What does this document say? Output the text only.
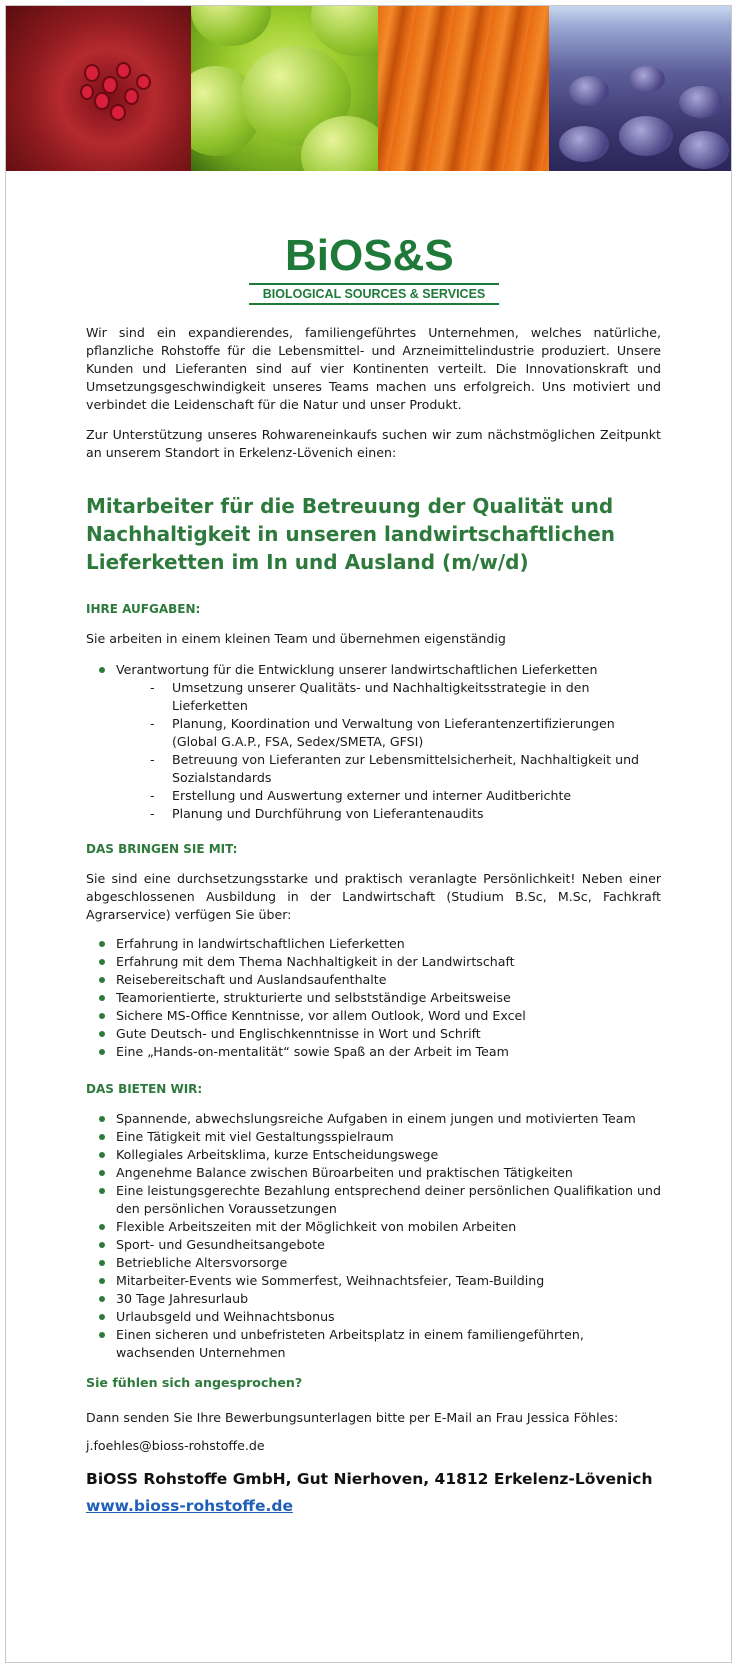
BiOS&S
BIOLOGICAL SOURCES & SERVICES
Wir sind ein expandierendes, familiengeführtes Unternehmen, welches natürliche, pflanzliche Rohstoffe für die Lebensmittel- und Arzneimittelindustrie produziert. Unsere Kunden und Lieferanten sind auf vier Kontinenten verteilt. Die Innovationskraft und Umsetzungsgeschwindigkeit unseres Teams machen uns erfolgreich. Uns motiviert und verbindet die Leidenschaft für die Natur und unser Produkt.
Zur Unterstützung unseres Rohwareneinkaufs suchen wir zum nächstmöglichen Zeitpunkt an unserem Standort in Erkelenz-Lövenich einen:
Mitarbeiter für die Betreuung der Qualität und Nachhaltigkeit in unseren landwirtschaftlichen Lieferketten im In und Ausland (m/w/d)
IHRE AUFGABEN:
Sie arbeiten in einem kleinen Team und übernehmen eigenständig
Verantwortung für die Entwicklung unserer landwirtschaftlichen Lieferketten
- Umsetzung unserer Qualitäts- und Nachhaltigkeitsstrategie in den Lieferketten
- Planung, Koordination und Verwaltung von Lieferantenzertifizierungen (Global G.A.P., FSA, Sedex/SMETA, GFSI)
- Betreuung von Lieferanten zur Lebensmittelsicherheit, Nachhaltigkeit und Sozialstandards
- Erstellung und Auswertung externer und interner Auditberichte
- Planung und Durchführung von Lieferantenaudits
DAS BRINGEN SIE MIT:
Sie sind eine durchsetzungsstarke und praktisch veranlagte Persönlichkeit! Neben einer abgeschlossenen Ausbildung in der Landwirtschaft (Studium B.Sc, M.Sc, Fachkraft Agrarservice) verfügen Sie über:
Erfahrung in landwirtschaftlichen Lieferketten
Erfahrung mit dem Thema Nachhaltigkeit in der Landwirtschaft
Reisebereitschaft und Auslandsaufenthalte
Teamorientierte, strukturierte und selbstständige Arbeitsweise
Sichere MS-Office Kenntnisse, vor allem Outlook, Word und Excel
Gute Deutsch- und Englischkenntnisse in Wort und Schrift
Eine „Hands-on-mentalität“ sowie Spaß an der Arbeit im Team
DAS BIETEN WIR:
Spannende, abwechslungsreiche Aufgaben in einem jungen und motivierten Team
Eine Tätigkeit mit viel Gestaltungsspielraum
Kollegiales Arbeitsklima, kurze Entscheidungswege
Angenehme Balance zwischen Büroarbeiten und praktischen Tätigkeiten
Eine leistungsgerechte Bezahlung entsprechend deiner persönlichen Qualifikation und den persönlichen Voraussetzungen
Flexible Arbeitszeiten mit der Möglichkeit von mobilen Arbeiten
Sport- und Gesundheitsangebote
Betriebliche Altersvorsorge
Mitarbeiter-Events wie Sommerfest, Weihnachtsfeier, Team-Building
30 Tage Jahresurlaub
Urlaubsgeld und Weihnachtsbonus
Einen sicheren und unbefristeten Arbeitsplatz in einem familiengeführten, wachsenden Unternehmen
Sie fühlen sich angesprochen?
Dann senden Sie Ihre Bewerbungsunterlagen bitte per E-Mail an Frau Jessica Föhles:
j.foehles@bioss-rohstoffe.de
BiOSS Rohstoffe GmbH, Gut Nierhoven, 41812 Erkelenz-Lövenich
www.bioss-rohstoffe.de
